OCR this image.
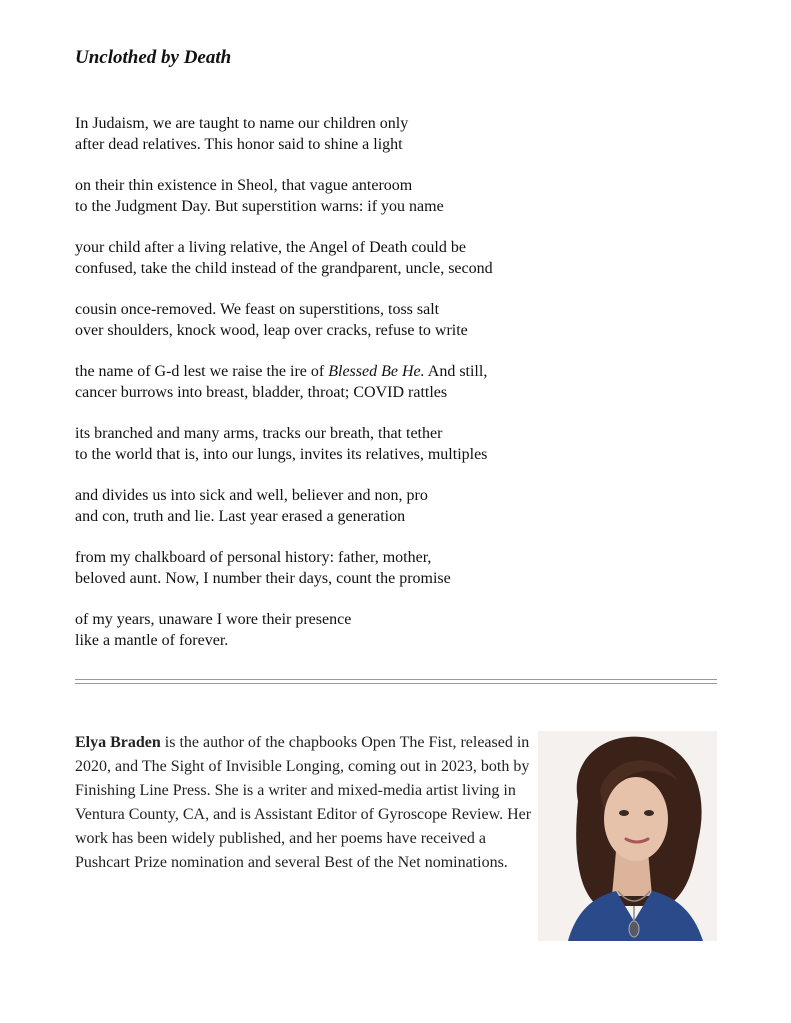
Unclothed by Death

In Judaism, we are taught to name our children only

after dead relatives. This honor said to shine a light

on their thin existence in Sheol, that vague anteroom

to the Judgment Day. But superstition warns: if you name

your child after a living relative, the Angel of Death could be

confused, take the child instead of the grandparent, uncle, second

cousin once-removed. We feast on superstitions, toss salt

over shoulders, knock wood, leap over cracks, refuse to write

the name of G-d lest we raise the ire of Blessed Be He. And still,

cancer burrows into breast, bladder, throat; COVID rattles

its branched and many arms, tracks our breath, that tether

to the world that is, into our lungs, invites its relatives, multiples

and divides us into sick and well, believer and non, pro

and con, truth and lie. Last year erased a generation

from my chalkboard of personal history: father, mother,

beloved aunt. Now, I number their days, count the promise

of my years, unaware I wore their presence

like a mantle of forever.

Elya Braden is the author of the chapbooks Open The Fist, released in 2020, and The Sight of Invisible Longing, coming out in 2023, both by Finishing Line Press. She is a writer and mixed-media artist living in Ventura County, CA, and is Assistant Editor of Gyroscope Review. Her work has been widely published, and her poems have received a Pushcart Prize nomination and several Best of the Net nominations.
